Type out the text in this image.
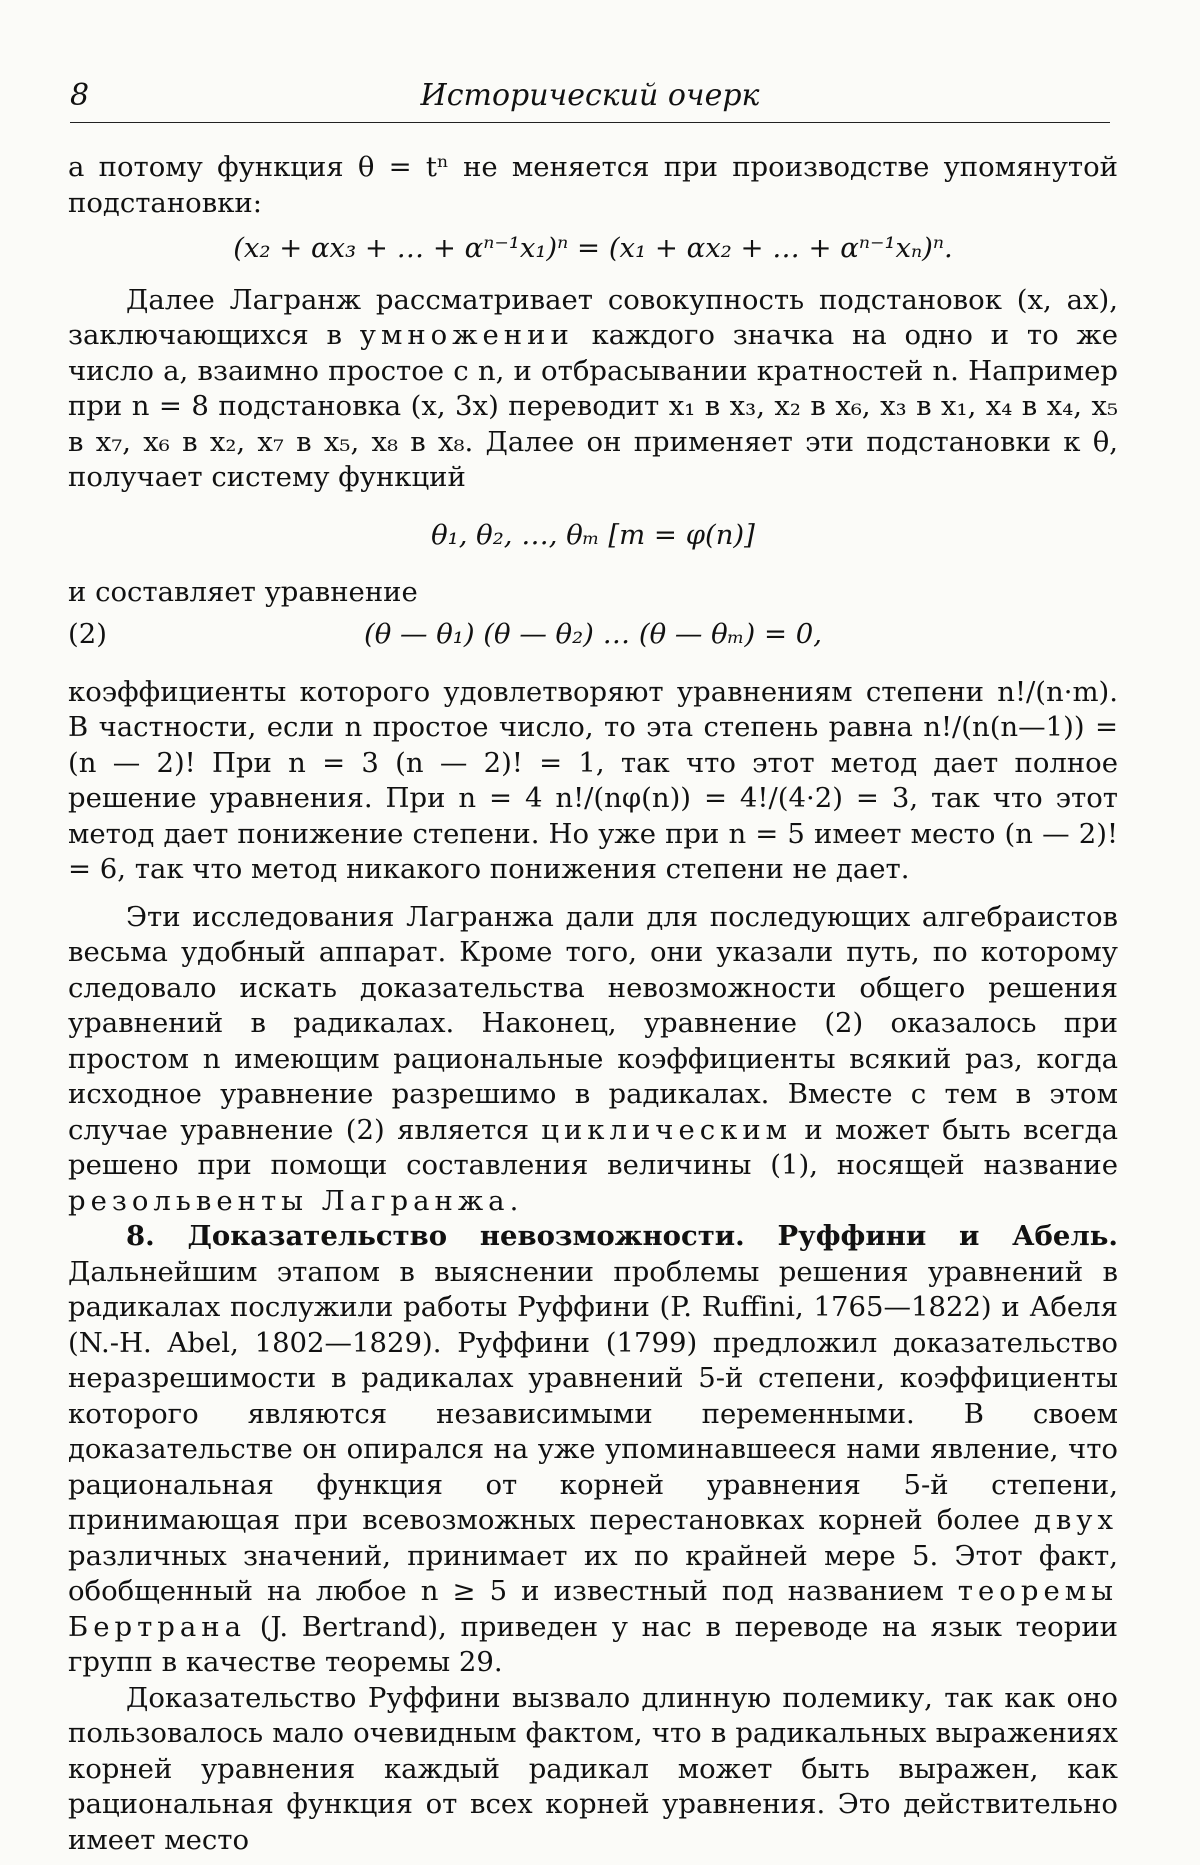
8	Исторический очерк

а потому функция θ = tⁿ не меняется при производстве упомянутой подстановки:

(x₂ + αx₃ + … + αⁿ⁻¹x₁)ⁿ = (x₁ + αx₂ + … + αⁿ⁻¹xₙ)ⁿ.

Далее Лагранж рассматривает совокупность подстановок (x, ax), заключающихся в умножении каждого значка на одно и то же число a, взаимно простое с n, и отбрасывании кратностей n. Например при n = 8 подстановка (x, 3x) переводит x₁ в x₃, x₂ в x₆, x₃ в x₁, x₄ в x₄, x₅ в x₇, x₆ в x₂, x₇ в x₅, x₈ в x₈. Далее он применяет эти подстановки к θ, получает систему функций

θ₁, θ₂, …, θₘ [m = φ(n)]

и составляет уравнение

(2)	(θ — θ₁) (θ — θ₂) … (θ — θₘ) = 0,

коэффициенты которого удовлетворяют уравнениям степени n!/(n·m). В частности, если n простое число, то эта степень равна n!/(n(n—1)) = (n — 2)! При n = 3 (n — 2)! = 1, так что этот метод дает полное решение уравнения. При n = 4 n!/(nφ(n)) = 4!/(4·2) = 3, так что этот метод дает понижение степени. Но уже при n = 5 имеет место (n — 2)! = 6, так что метод никакого понижения степени не дает.

Эти исследования Лагранжа дали для последующих алгебраистов весьма удобный аппарат. Кроме того, они указали путь, по которому следовало искать доказательства невозможности общего решения уравнений в радикалах. Наконец, уравнение (2) оказалось при простом n имеющим рациональные коэффициенты всякий раз, когда исходное уравнение разрешимо в радикалах. Вместе с тем в этом случае уравнение (2) является циклическим и может быть всегда решено при помощи составления величины (1), носящей название резольвенты Лагранжа.

8. Доказательство невозможности. Руффини и Абель. Дальнейшим этапом в выяснении проблемы решения уравнений в радикалах послужили работы Руффини (P. Ruffini, 1765—1822) и Абеля (N.-H. Abel, 1802—1829). Руффини (1799) предложил доказательство неразрешимости в радикалах уравнений 5-й степени, коэффициенты которого являются независимыми переменными. В своем доказательстве он опирался на уже упоминавшееся нами явление, что рациональная функция от корней уравнения 5-й степени, принимающая при всевозможных перестановках корней более двух различных значений, принимает их по крайней мере 5. Этот факт, обобщенный на любое n ≥ 5 и известный под названием теоремы Бертрана (J. Bertrand), приведен у нас в переводе на язык теории групп в качестве теоремы 29.

Доказательство Руффини вызвало длинную полемику, так как оно пользовалось мало очевидным фактом, что в радикальных выражениях корней уравнения каждый радикал может быть выражен, как рациональная функция от всех корней уравнения. Это действительно имеет место
